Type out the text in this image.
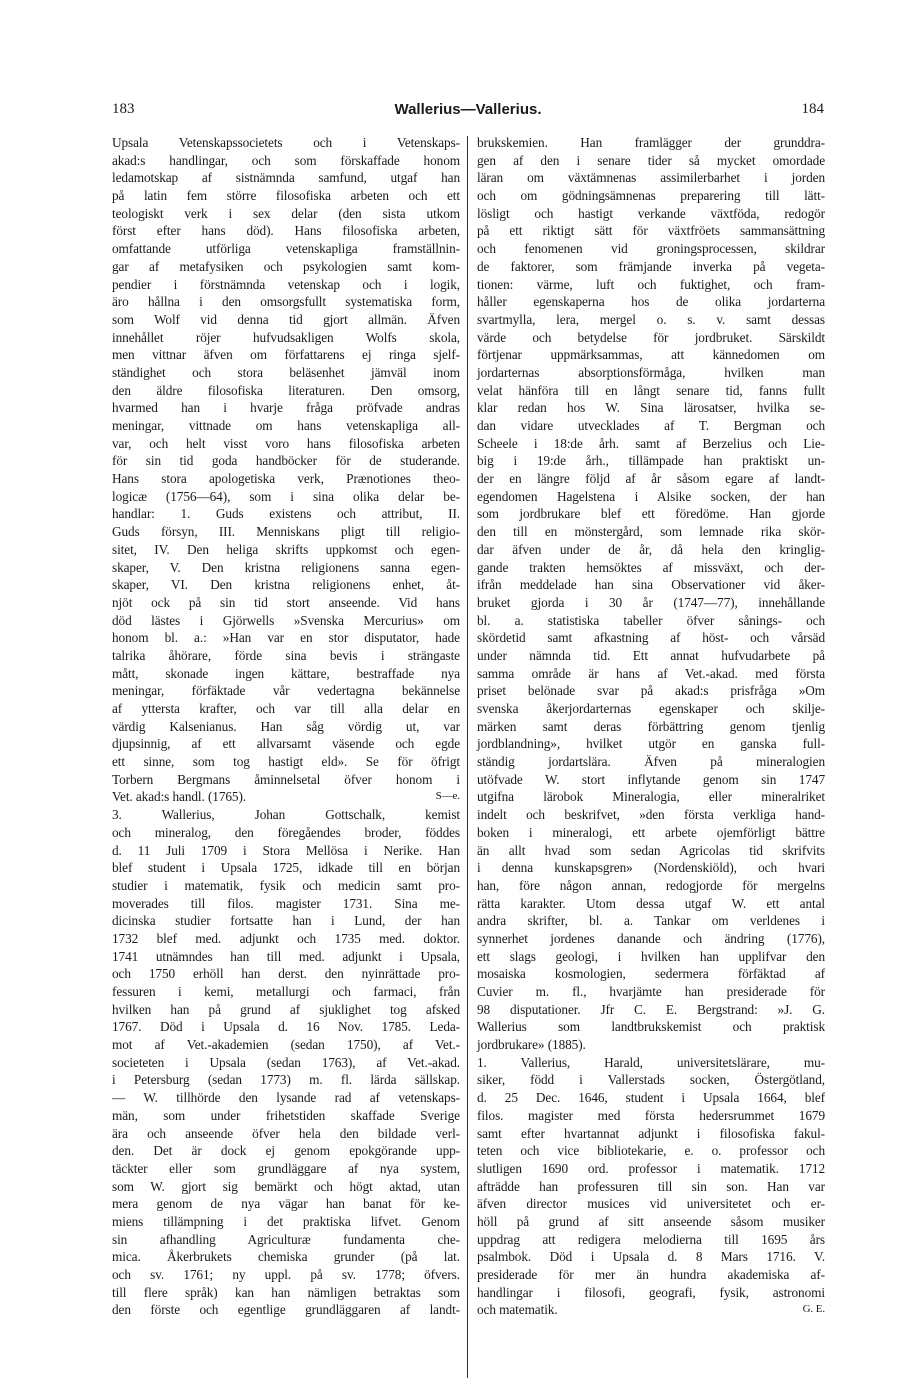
183	Wallerius—Vallerius.	184
Upsala Vetenskapssocietets och i Vetenskaps-
akad:s handlingar, och som förskaffade honom
ledamotskap af sistnämnda samfund, utgaf han
på latin fem större filosofiska arbeten och ett
teologiskt verk i sex delar (den sista utkom
först efter hans död). Hans filosofiska arbeten,
omfattande utförliga vetenskapliga framställnin-
gar af metafysiken och psykologien samt kom-
pendier i förstnämnda vetenskap och i logik,
äro hållna i den omsorgsfullt systematiska form,
som Wolf vid denna tid gjort allmän. Äfven
innehållet röjer hufvudsakligen Wolfs skola,
men vittnar äfven om författarens ej ringa sjelf-
ständighet och stora beläsenhet jämväl inom
den äldre filosofiska literaturen. Den omsorg,
hvarmed han i hvarje fråga pröfvade andras
meningar, vittnade om hans vetenskapliga all-
var, och helt visst voro hans filosofiska arbeten
för sin tid goda handböcker för de studerande.
Hans stora apologetiska verk, Prænotiones theo-
logicæ (1756—64), som i sina olika delar be-
handlar: 1. Guds existens och attribut, II.
Guds försyn, III. Menniskans pligt till religio-
sitet, IV. Den heliga skrifts uppkomst och egen-
skaper, V. Den kristna religionens sanna egen-
skaper, VI. Den kristna religionens enhet, åt-
njöt ock på sin tid stort anseende. Vid hans
död lästes i Gjörwells »Svenska Mercurius» om
honom bl. a.: »Han var en stor disputator, hade
talrika åhörare, förde sina bevis i strängaste
mått, skonade ingen kättare, bestraffade nya
meningar, förfäktade vår vedertagna bekännelse
af yttersta krafter, och var till alla delar en
värdig Kalsenianus. Han såg vördig ut, var
djupsinnig, af ett allvarsamt väsende och egde
ett sinne, som tog hastigt eld». Se för öfrigt
Torbern Bergmans åminnelsetal öfver honom i
Vet. akad:s handl. (1765).	S—e.
3. Wallerius, Johan Gottschalk, kemist
och mineralog, den föregåendes broder, föddes
d. 11 Juli 1709 i Stora Mellösa i Nerike. Han
blef student i Upsala 1725, idkade till en början
studier i matematik, fysik och medicin samt pro-
moverades till filos. magister 1731. Sina me-
dicinska studier fortsatte han i Lund, der han
1732 blef med. adjunkt och 1735 med. doktor.
1741 utnämndes han till med. adjunkt i Upsala,
och 1750 erhöll han derst. den nyinrättade pro-
fessuren i kemi, metallurgi och farmaci, från
hvilken han på grund af sjuklighet tog afsked
1767. Död i Upsala d. 16 Nov. 1785. Leda-
mot af Vet.-akademien (sedan 1750), af Vet.-
societeten i Upsala (sedan 1763), af Vet.-akad.
i Petersburg (sedan 1773) m. fl. lärda sällskap.
— W. tillhörde den lysande rad af vetenskaps-
män, som under frihetstiden skaffade Sverige
ära och anseende öfver hela den bildade verl-
den. Det är dock ej genom epokgörande upp-
täckter eller som grundläggare af nya system,
som W. gjort sig bemärkt och högt aktad, utan
mera genom de nya vägar han banat för ke-
miens tillämpning i det praktiska lifvet. Genom
sin afhandling Agriculturæ fundamenta che-
mica. Åkerbrukets chemiska grunder (på lat.
och sv. 1761; ny uppl. på sv. 1778; öfvers.
till flere språk) kan han nämligen betraktas som
den förste och egentlige grundläggaren af landt-
brukskemien. Han framlägger der grunddra-
gen af den i senare tider så mycket omordade
läran om växtämnenas assimilerbarhet i jorden
och om gödningsämnenas preparering till lätt-
lösligt och hastigt verkande växtföda, redogör
på ett riktigt sätt för växtfröets sammansättning
och fenomenen vid groningsprocessen, skildrar
de faktorer, som främjande inverka på vegeta-
tionen: värme, luft och fuktighet, och fram-
håller egenskaperna hos de olika jordarterna
svartmylla, lera, mergel o. s. v. samt dessas
värde och betydelse för jordbruket. Särskildt
förtjenar uppmärksammas, att kännedomen om
jordarternas absorptionsförmåga, hvilken man
velat hänföra till en långt senare tid, fanns fullt
klar redan hos W. Sina lärosatser, hvilka se-
dan vidare utvecklades af T. Bergman och
Scheele i 18:de årh. samt af Berzelius och Lie-
big i 19:de årh., tillämpade han praktiskt un-
der en längre följd af år såsom egare af landt-
egendomen Hagelstena i Alsike socken, der han
som jordbrukare blef ett föredöme. Han gjorde
den till en mönstergård, som lemnade rika skör-
dar äfven under de år, då hela den kringlig-
gande trakten hemsöktes af missväxt, och der-
ifrån meddelade han sina Observationer vid åker-
bruket gjorda i 30 år (1747—77), innehållande
bl. a. statistiska tabeller öfver sånings- och
skördetid samt afkastning af höst- och vårsäd
under nämnda tid. Ett annat hufvudarbete på
samma område är hans af Vet.-akad. med första
priset belönade svar på akad:s prisfråga »Om
svenska åkerjordarternas egenskaper och skilje-
märken samt deras förbättring genom tjenlig
jordblandning», hvilket utgör en ganska full-
ständig jordartslära. Äfven på mineralogien
utöfvade W. stort inflytande genom sin 1747
utgifna lärobok Mineralogia, eller mineralriket
indelt och beskrifvet, »den första verkliga hand-
boken i mineralogi, ett arbete ojemförligt bättre
än allt hvad som sedan Agricolas tid skrifvits
i denna kunskapsgren» (Nordenskiöld), och hvari
han, före någon annan, redogjorde för mergelns
rätta karakter. Utom dessa utgaf W. ett antal
andra skrifter, bl. a. Tankar om verldenes i
synnerhet jordenes danande och ändring (1776),
ett slags geologi, i hvilken han upplifvar den
mosaiska kosmologien, sedermera förfäktad af
Cuvier m. fl., hvarjämte han presiderade för
98 disputationer. Jfr C. E. Bergstrand: »J. G.
Wallerius som landtbrukskemist och praktisk
jordbrukare» (1885).
1. Vallerius, Harald, universitetslärare, mu-
siker, född i Vallerstads socken, Östergötland,
d. 25 Dec. 1646, student i Upsala 1664, blef
filos. magister med första hedersrummet 1679
samt efter hvartannat adjunkt i filosofiska fakul-
teten och vice bibliotekarie, e. o. professor och
slutligen 1690 ord. professor i matematik. 1712
afträdde han professuren till sin son. Han var
äfven director musices vid universitetet och er-
höll på grund af sitt anseende såsom musiker
uppdrag att redigera melodierna till 1695 års
psalmbok. Död i Upsala d. 8 Mars 1716. V.
presiderade för mer än hundra akademiska af-
handlingar i filosofi, geografi, fysik, astronomi
och matematik.	G. E.
